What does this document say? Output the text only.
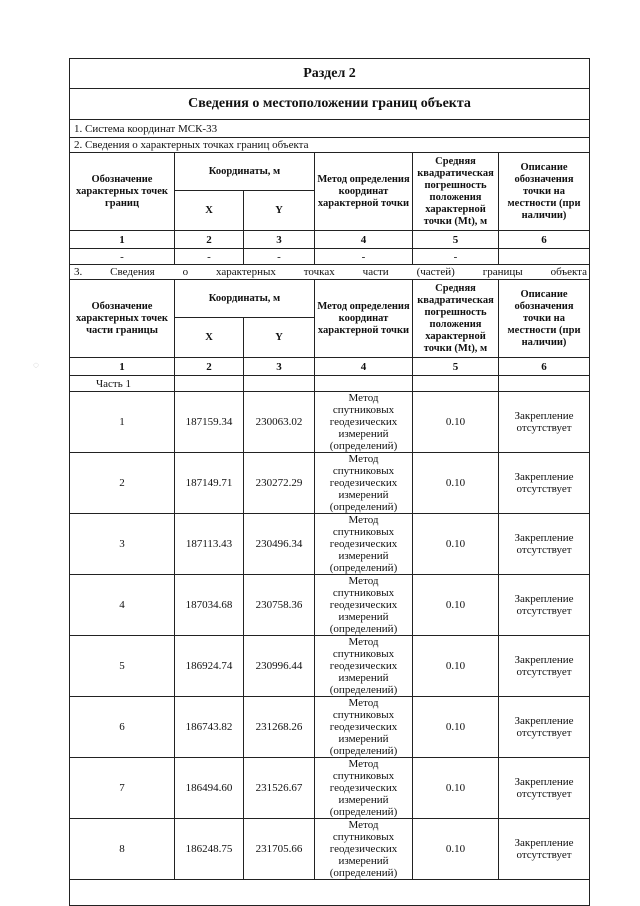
Раздел 2					
Сведения о местоположении границ объекта					
1. Система координат МСК-33					
2. Сведения о характерных точках границ объекта					
Обозначение характерных точек границ	Координаты, м		Метод определения координат характерной точки	Средняя квадратическая погрешность положения характерной точки (Mt), м	Описание обозначения точки на местности (при наличии)
	X	Y			
1	2	3	4	5	6
-	-	-	-	-	
3. Сведения о характерных точках части (частей) границы объекта					
Обозначение характерных точек части границы	Координаты, м		Метод определения координат характерной точки	Средняя квадратическая погрешность положения характерной точки (Mt), м	Описание обозначения точки на местности (при наличии)
	X	Y			
1	2	3	4	5	6
Часть 1					
1	187159.34	230063.02	Метод спутниковых геодезических измерений (определений)	0.10	Закрепление отсутствует
2	187149.71	230272.29	Метод спутниковых геодезических измерений (определений)	0.10	Закрепление отсутствует
3	187113.43	230496.34	Метод спутниковых геодезических измерений (определений)	0.10	Закрепление отсутствует
4	187034.68	230758.36	Метод спутниковых геодезических измерений (определений)	0.10	Закрепление отсутствует
5	186924.74	230996.44	Метод спутниковых геодезических измерений (определений)	0.10	Закрепление отсутствует
6	186743.82	231268.26	Метод спутниковых геодезических измерений (определений)	0.10	Закрепление отсутствует
7	186494.60	231526.67	Метод спутниковых геодезических измерений (определений)	0.10	Закрепление отсутствует
8	186248.75	231705.66	Метод спутниковых геодезических измерений (определений)	0.10	Закрепление отсутствует

◌
